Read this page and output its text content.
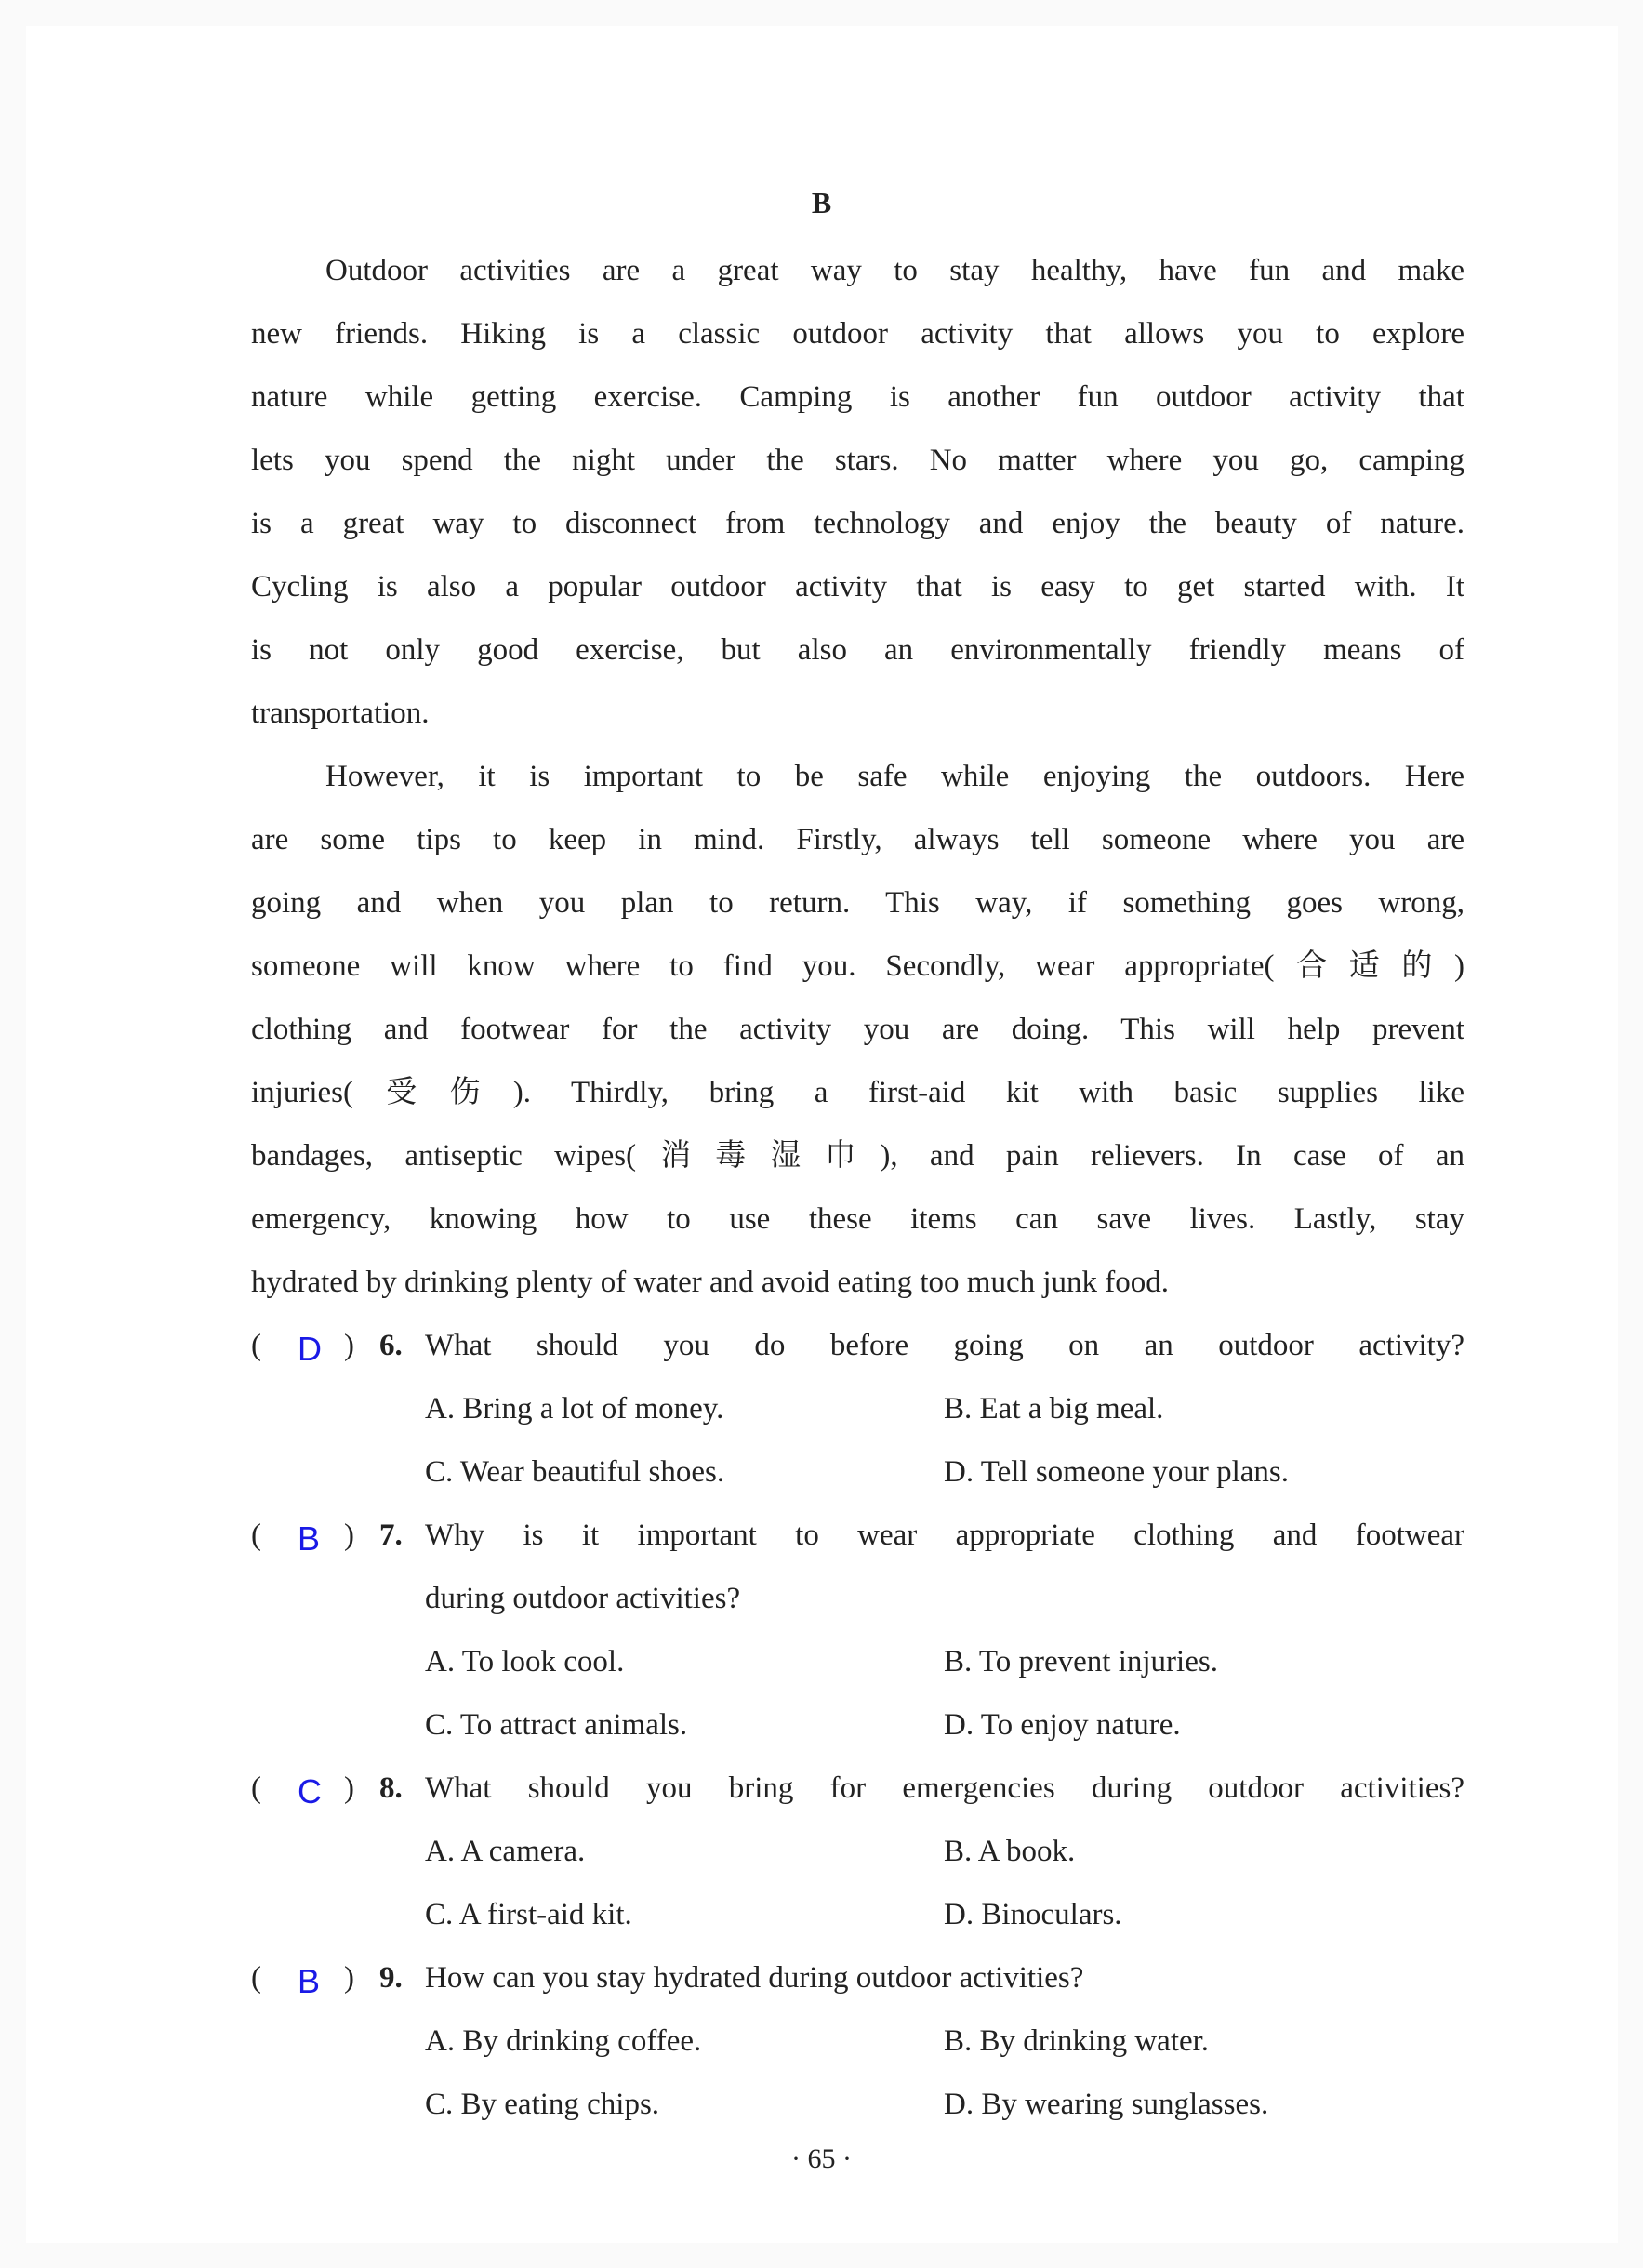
B
Outdoor activities are a great way to stay healthy, have fun and make
new friends. Hiking is a classic outdoor activity that allows you to explore
nature while getting exercise. Camping is another fun outdoor activity that
lets you spend the night under the stars. No matter where you go, camping
is a great way to disconnect from technology and enjoy the beauty of nature.
Cycling is also a popular outdoor activity that is easy to get started with. It
is not only good exercise, but also an environmentally friendly means of
transportation.
However, it is important to be safe while enjoying the outdoors. Here
are some tips to keep in mind. Firstly, always tell someone where you are
going and when you plan to return. This way, if something goes wrong,
someone will know where to find you. Secondly, wear appropriate(合适的)
clothing and footwear for the activity you are doing. This will help prevent
injuries(受伤). Thirdly, bring a first-aid kit with basic supplies like
bandages, antiseptic wipes(消毒湿巾), and pain relievers. In case of an
emergency, knowing how to use these items can save lives. Lastly, stay
hydrated by drinking plenty of water and avoid eating too much junk food.
( D ) 6. What should you do before going on an outdoor activity?
A. Bring a lot of money.	B. Eat a big meal.
C. Wear beautiful shoes.	D. Tell someone your plans.
( B ) 7. Why is it important to wear appropriate clothing and footwear
during outdoor activities?
A. To look cool.	B. To prevent injuries.
C. To attract animals.	D. To enjoy nature.
( C ) 8. What should you bring for emergencies during outdoor activities?
A. A camera.	B. A book.
C. A first-aid kit.	D. Binoculars.
( B ) 9. How can you stay hydrated during outdoor activities?
A. By drinking coffee.	B. By drinking water.
C. By eating chips.	D. By wearing sunglasses.
· 65 ·
